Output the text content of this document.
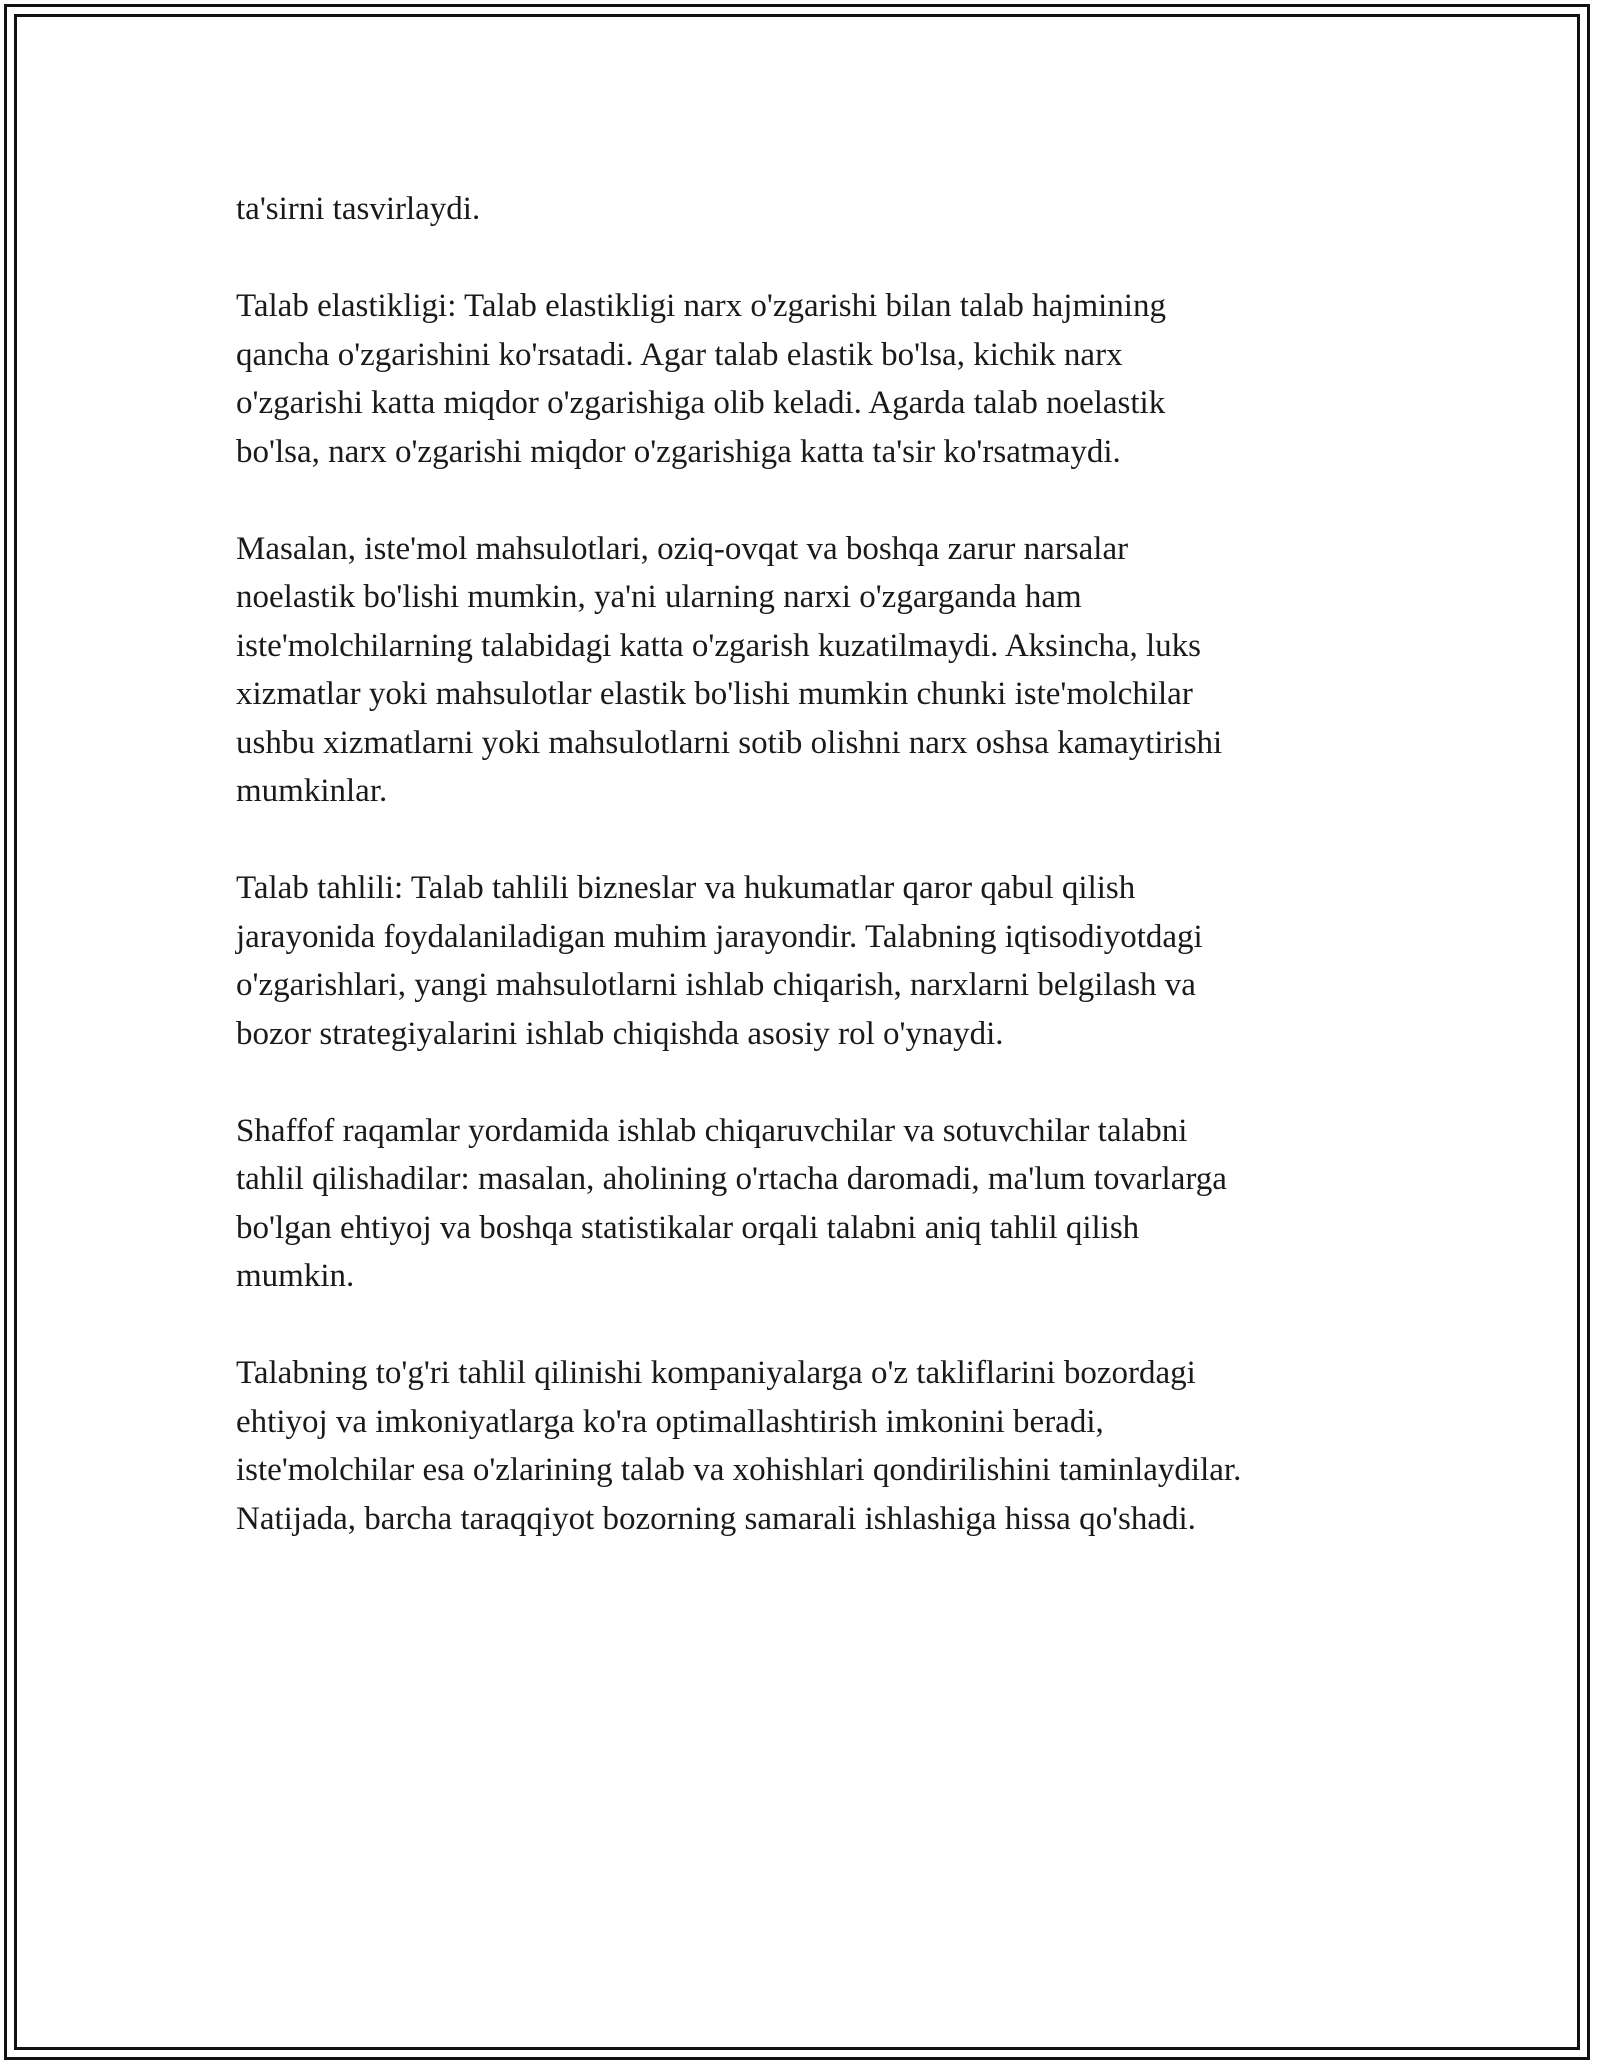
ta'sirni tasvirlaydi.

Talab elastikligi: Talab elastikligi narx o'zgarishi bilan talab hajmining
qancha o'zgarishini ko'rsatadi. Agar talab elastik bo'lsa, kichik narx
o'zgarishi katta miqdor o'zgarishiga olib keladi. Agarda talab noelastik
bo'lsa, narx o'zgarishi miqdor o'zgarishiga katta ta'sir ko'rsatmaydi.

Masalan, iste'mol mahsulotlari, oziq-ovqat va boshqa zarur narsalar
noelastik bo'lishi mumkin, ya'ni ularning narxi o'zgarganda ham
iste'molchilarning talabidagi katta o'zgarish kuzatilmaydi. Aksincha, luks
xizmatlar yoki mahsulotlar elastik bo'lishi mumkin chunki iste'molchilar
ushbu xizmatlarni yoki mahsulotlarni sotib olishni narx oshsa kamaytirishi
mumkinlar.

Talab tahlili: Talab tahlili bizneslar va hukumatlar qaror qabul qilish
jarayonida foydalaniladigan muhim jarayondir. Talabning iqtisodiyotdagi
o'zgarishlari, yangi mahsulotlarni ishlab chiqarish, narxlarni belgilash va
bozor strategiyalarini ishlab chiqishda asosiy rol o'ynaydi.

Shaffof raqamlar yordamida ishlab chiqaruvchilar va sotuvchilar talabni
tahlil qilishadilar: masalan, aholining o'rtacha daromadi, ma'lum tovarlarga
bo'lgan ehtiyoj va boshqa statistikalar orqali talabni aniq tahlil qilish
mumkin.

Talabning to'g'ri tahlil qilinishi kompaniyalarga o'z takliflarini bozordagi
ehtiyoj va imkoniyatlarga ko'ra optimallashtirish imkonini beradi,
iste'molchilar esa o'zlarining talab va xohishlari qondirilishini taminlaydilar.
Natijada, barcha taraqqiyot bozorning samarali ishlashiga hissa qo'shadi.
